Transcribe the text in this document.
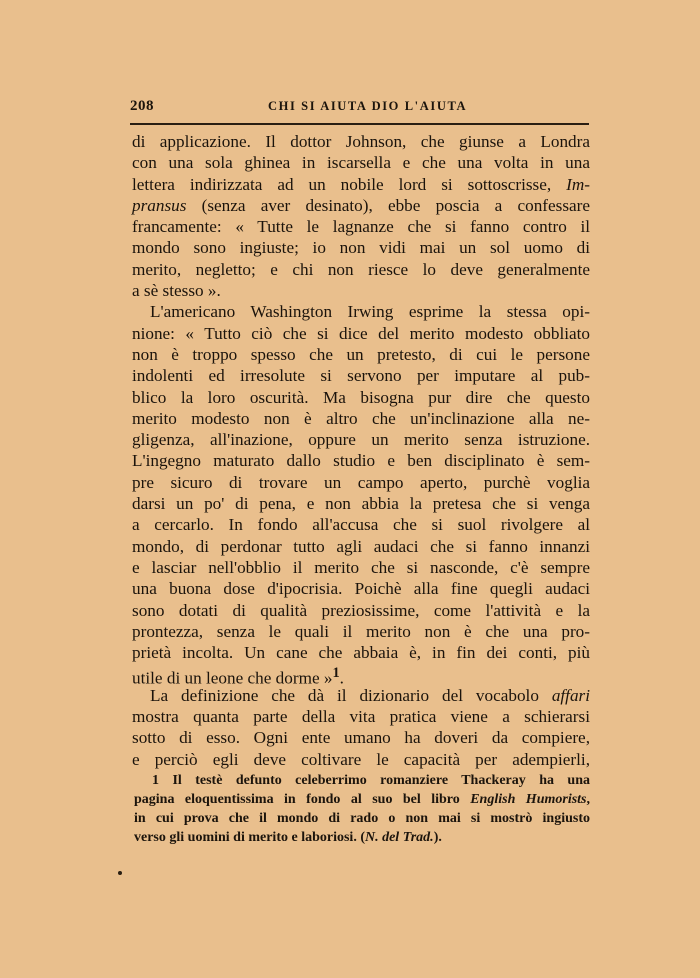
208	CHI SI AIUTA DIO L'AIUTA
di applicazione. Il dottor Johnson, che giunse a Londra
con una sola ghinea in iscarsella e che una volta in una
lettera indirizzata ad un nobile lord si sottoscrisse, Im-
pransus (senza aver desinato), ebbe poscia a confessare
francamente: « Tutte le lagnanze che si fanno contro il
mondo sono ingiuste; io non vidi mai un sol uomo di
merito, negletto; e chi non riesce lo deve generalmente
a sè stesso ».
L'americano Washington Irwing esprime la stessa opi-
nione: « Tutto ciò che si dice del merito modesto obbliato
non è troppo spesso che un pretesto, di cui le persone
indolenti ed irresolute si servono per imputare al pub-
blico la loro oscurità. Ma bisogna pur dire che questo
merito modesto non è altro che un'inclinazione alla ne-
gligenza, all'inazione, oppure un merito senza istruzione.
L'ingegno maturato dallo studio e ben disciplinato è sem-
pre sicuro di trovare un campo aperto, purchè voglia
darsi un po' di pena, e non abbia la pretesa che si venga
a cercarlo. In fondo all'accusa che si suol rivolgere al
mondo, di perdonar tutto agli audaci che si fanno innanzi
e lasciar nell'obblio il merito che si nasconde, c'è sempre
una buona dose d'ipocrisia. Poichè alla fine quegli audaci
sono dotati di qualità preziosissime, come l'attività e la
prontezza, senza le quali il merito non è che una pro-
prietà incolta. Un cane che abbaia è, in fin dei conti, più
utile di un leone che dorme »$^1$.
La definizione che dà il dizionario del vocabolo affari
mostra quanta parte della vita pratica viene a schierarsi
sotto di esso. Ogni ente umano ha doveri da compiere,
e perciò egli deve coltivare le capacità per adempierli,
1 Il testè defunto celeberrimo romanziere Thackeray ha una
pagina eloquentissima in fondo al suo bel libro English Humorists,
in cui prova che il mondo di rado o non mai si mostrò ingiusto
verso gli uomini di merito e laboriosi. (N. del Trad.).
